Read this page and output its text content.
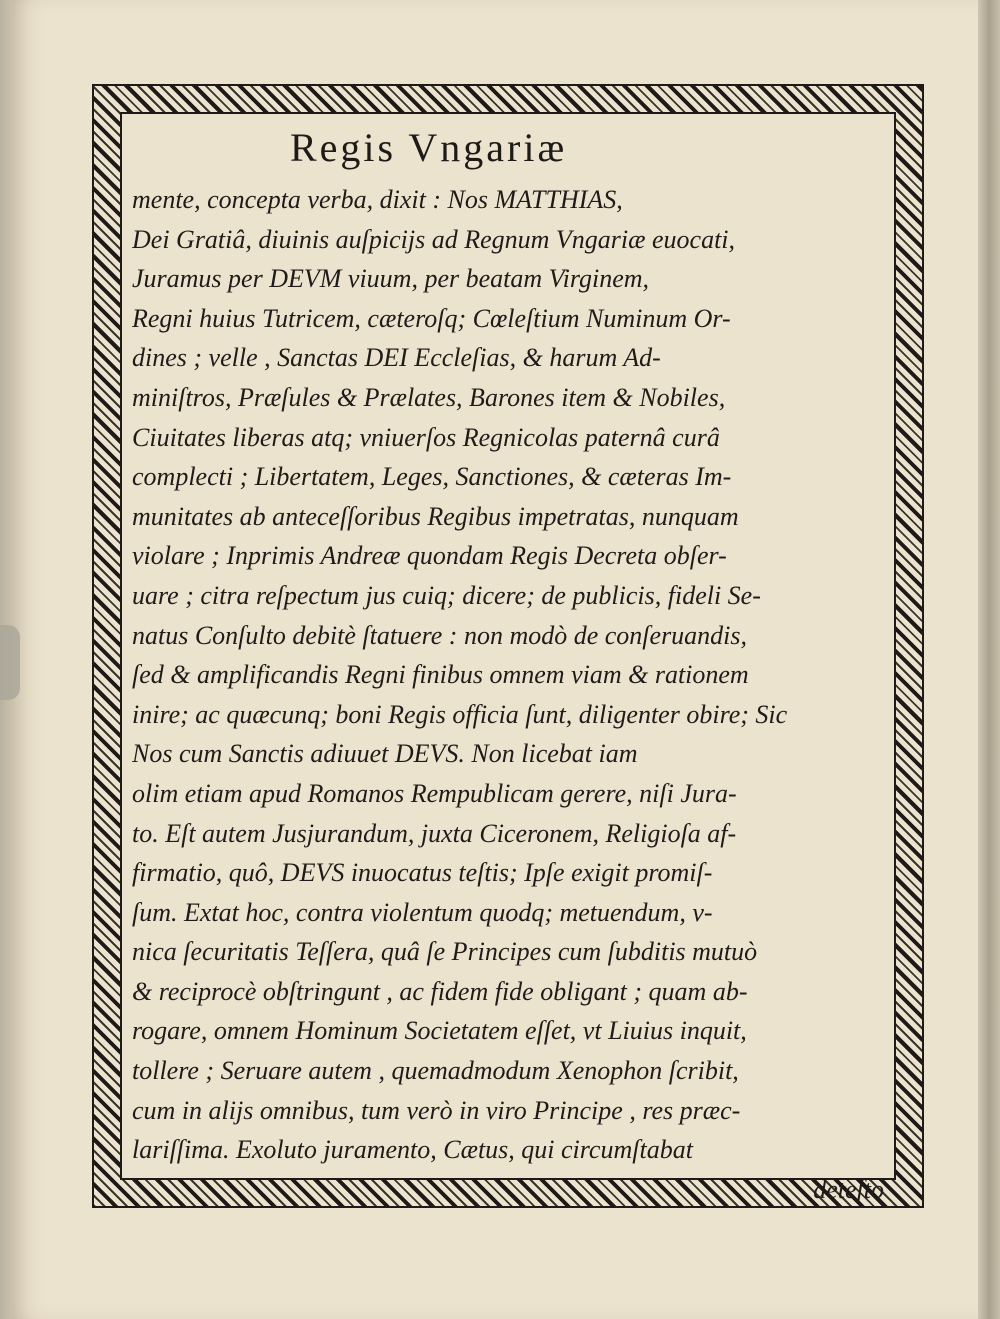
Regis Vngariæ
mente, concepta verba, dixit : Nos MATTHIAS,
Dei Gratiâ, diuinis auſpicijs ad Regnum Vngariæ euocati,
Juramus per DEVM viuum, per beatam Virginem,
Regni huius Tutricem, cæteroſq; Cœleſtium Numinum Or-
dines ; velle , Sanctas DEI Eccleſias, & harum Ad-
miniſtros, Præſules & Prælates, Barones item & Nobiles,
Ciuitates liberas atq; vniuerſos Regnicolas paternâ curâ
complecti ; Libertatem, Leges, Sanctiones, & cæteras Im-
munitates ab anteceſſoribus Regibus impetratas, nunquam
violare ; Inprimis Andreæ quondam Regis Decreta obſer-
uare ; citra reſpectum jus cuiq; dicere; de publicis, fideli Se-
natus Conſulto debitè ſtatuere : non modò de conſeruandis,
ſed & amplificandis Regni finibus omnem viam & rationem
inire; ac quæcunq; boni Regis officia ſunt, diligenter obire; Sic
Nos cum Sanctis adiuuet DEVS. Non licebat iam
olim etiam apud Romanos Rempublicam gerere, niſi Jura-
to. Eſt autem Jusjurandum, juxta Ciceronem, Religioſa af-
firmatio, quô, DEVS inuocatus teſtis; Ipſe exigit promiſ-
ſum. Extat hoc, contra violentum quodq; metuendum, v-
nica ſecuritatis Teſſera, quâ ſe Principes cum ſubditis mutuò
& reciprocè obſtringunt , ac fidem fide obligant ; quam ab-
rogare, omnem Hominum Societatem eſſet, vt Liuius inquit,
tollere ; Seruare autem , quemadmodum Xenophon ſcribit,
cum in alijs omnibus, tum verò in viro Principe , res præc-
lariſſima. Exoluto juramento, Cætus, qui circumſtabat
deteſto
